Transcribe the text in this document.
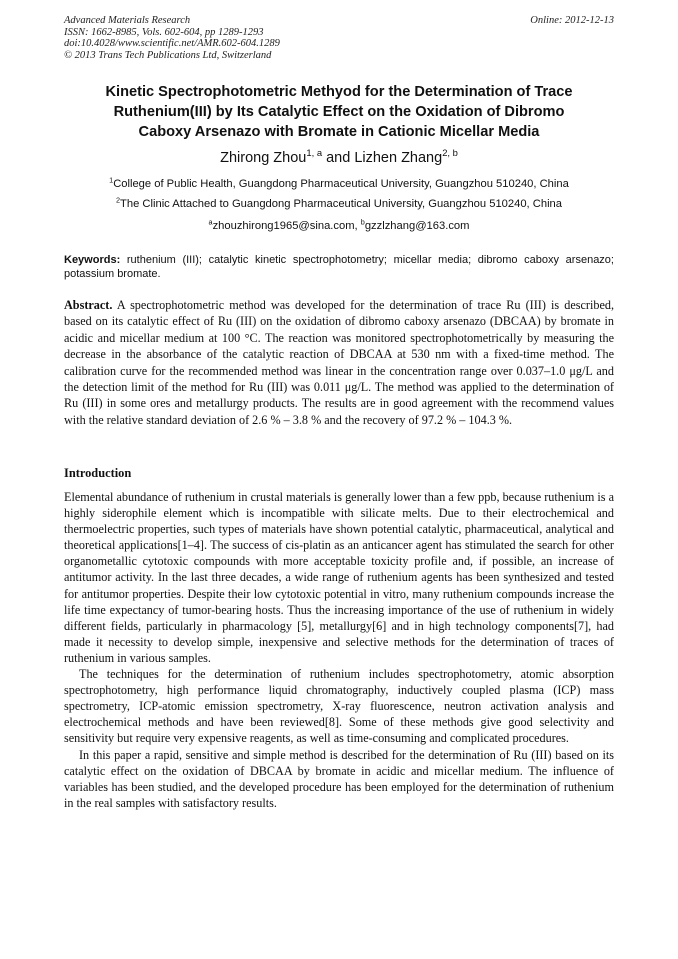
Advanced Materials Research
ISSN: 1662-8985, Vols. 602-604, pp 1289-1293
doi:10.4028/www.scientific.net/AMR.602-604.1289
© 2013 Trans Tech Publications Ltd, Switzerland
Online: 2012-12-13
Kinetic Spectrophotometric Methyod for the Determination of Trace
Ruthenium(III) by Its Catalytic Effect on the Oxidation of Dibromo
Caboxy Arsenazo with Bromate in Cationic Micellar Media
Zhirong Zhou$^{1, a}$ and Lizhen Zhang$^{2, b}$
$^1$College of Public Health, Guangdong Pharmaceutical University, Guangzhou 510240, China
$^2$The Clinic Attached to Guangdong Pharmaceutical University, Guangzhou 510240, China
$^a$zhouzhirong1965@sina.com, $^b$gzzlzhang@163.com
Keywords: ruthenium (III); catalytic kinetic spectrophotometry; micellar media; dibromo caboxy arsenazo; potassium bromate.
Abstract. A spectrophotometric method was developed for the determination of trace Ru (III) is described, based on its catalytic effect of Ru (III) on the oxidation of dibromo caboxy arsenazo (DBCAA) by bromate in acidic and micellar medium at 100 °C. The reaction was monitored spectrophotometrically by measuring the decrease in the absorbance of the catalytic reaction of DBCAA at 530 nm with a fixed-time method. The calibration curve for the recommended method was linear in the concentration range over 0.037–1.0 μg/L and the detection limit of the method for Ru (III) was 0.011 μg/L. The method was applied to the determination of Ru (III) in some ores and metallurgy products. The results are in good agreement with the recommend values with the relative standard deviation of 2.6 % ‒ 3.8 % and the recovery of 97.2 % ‒ 104.3 %.
Introduction

Elemental abundance of ruthenium in crustal materials is generally lower than a few ppb, because ruthenium is a highly siderophile element which is incompatible with silicate melts. Due to their electrochemical and thermoelectric properties, such types of materials have shown potential catalytic, pharmaceutical, analytical and theoretical applications[1–4]. The success of cis-platin as an anticancer agent has stimulated the search for other organometallic cytotoxic compounds with more acceptable toxicity profile and, if possible, an increase of antitumor activity. In the last three decades, a wide range of ruthenium agents has been synthesized and tested for antitumor properties. Despite their low cytotoxic potential in vitro, many ruthenium compounds increase the life time expectancy of tumor-bearing hosts. Thus the increasing importance of the use of ruthenium in widely different fields, particularly in pharmacology [5], metallurgy[6] and in high technology components[7], had made it necessity to develop simple, inexpensive and selective methods for the determination of traces of ruthenium in various samples.

The techniques for the determination of ruthenium includes spectrophotometry, atomic absorption spectrophotometry, high performance liquid chromatography, inductively coupled plasma (ICP) mass spectrometry, ICP-atomic emission spectrometry, X-ray fluorescence, neutron activation analysis and electrochemical methods and have been reviewed[8]. Some of these methods give good selectivity and sensitivity but require very expensive reagents, as well as time-consuming and complicated procedures.

In this paper a rapid, sensitive and simple method is described for the determination of Ru (III) based on its catalytic effect on the oxidation of DBCAA by bromate in acidic and micellar medium. The influence of variables has been studied, and the developed procedure has been employed for the determination of ruthenium in the real samples with satisfactory results.
